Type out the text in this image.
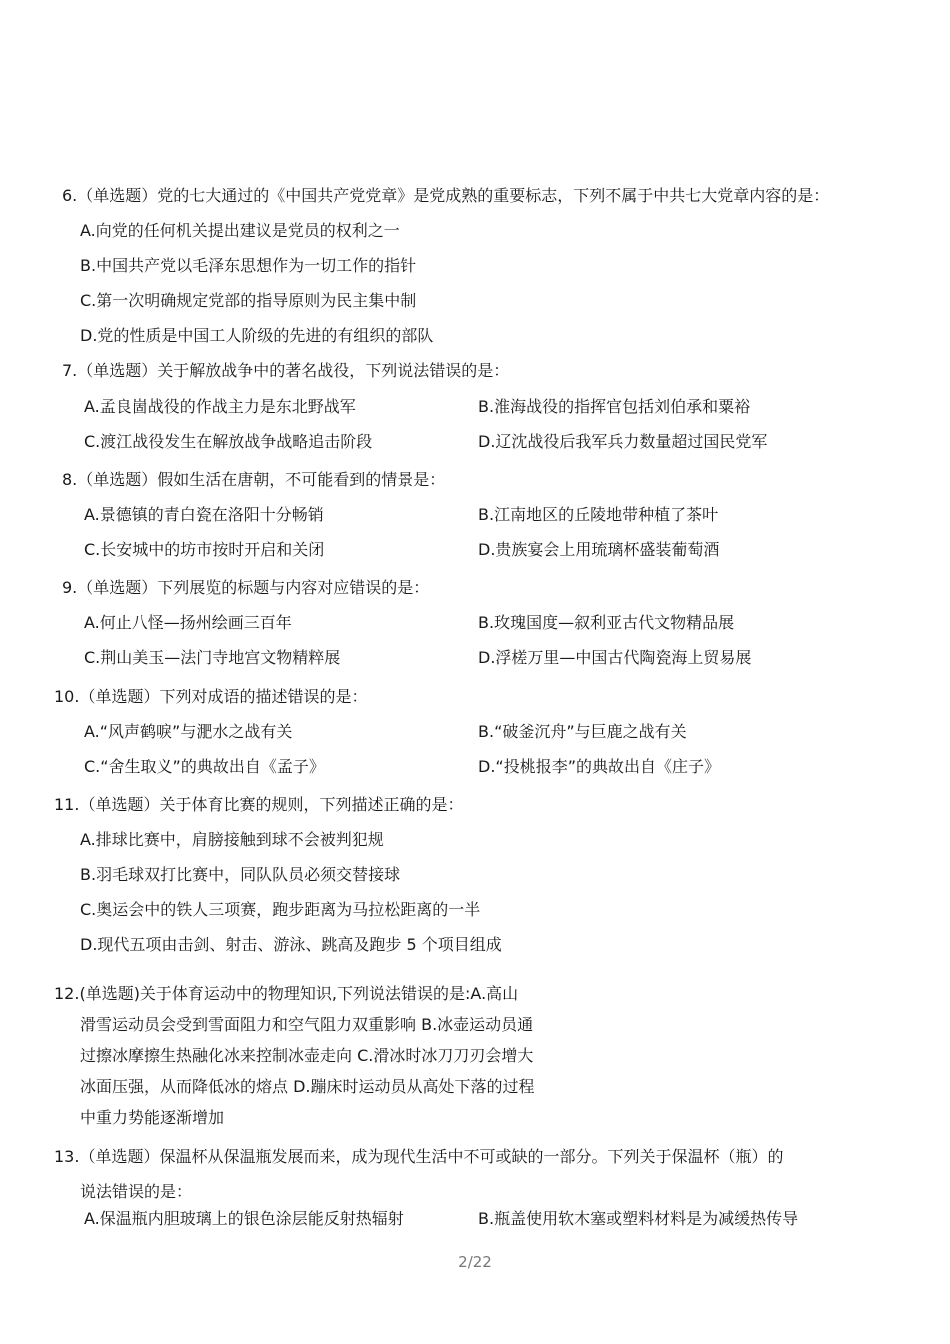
6.（单选题）党的七大通过的《中国共产党党章》是党成熟的重要标志，下列不属于中共七大党章内容的是：
A.向党的任何机关提出建议是党员的权利之一
B.中国共产党以毛泽东思想作为一切工作的指针
C.第一次明确规定党部的指导原则为民主集中制
D.党的性质是中国工人阶级的先进的有组织的部队
7.（单选题）关于解放战争中的著名战役，下列说法错误的是：
A.孟良崮战役的作战主力是东北野战军	B.淮海战役的指挥官包括刘伯承和粟裕
C.渡江战役发生在解放战争战略追击阶段	D.辽沈战役后我军兵力数量超过国民党军
8.（单选题）假如生活在唐朝，不可能看到的情景是：
A.景德镇的青白瓷在洛阳十分畅销	B.江南地区的丘陵地带种植了茶叶
C.长安城中的坊市按时开启和关闭	D.贵族宴会上用琉璃杯盛装葡萄酒
9.（单选题）下列展览的标题与内容对应错误的是：
A.何止八怪—扬州绘画三百年	B.玫瑰国度—叙利亚古代文物精品展
C.荆山美玉—法门寺地宫文物精粹展	D.浮槎万里—中国古代陶瓷海上贸易展
10.（单选题）下列对成语的描述错误的是：
A.“风声鹤唳”与淝水之战有关	B.“破釜沉舟”与巨鹿之战有关
C.“舍生取义”的典故出自《孟子》	D.“投桃报李”的典故出自《庄子》
11.（单选题）关于体育比赛的规则，下列描述正确的是：
A.排球比赛中，肩膀接触到球不会被判犯规
B.羽毛球双打比赛中，同队队员必须交替接球
C.奥运会中的铁人三项赛，跑步距离为马拉松距离的一半
D.现代五项由击剑、射击、游泳、跳高及跑步 5 个项目组成
12.(单选题)关于体育运动中的物理知识,下列说法错误的是:A.高山
滑雪运动员会受到雪面阻力和空气阻力双重影响 B.冰壶运动员通
过擦冰摩擦生热融化冰来控制冰壶走向 C.滑冰时冰刀刀刃会增大
冰面压强，从而降低冰的熔点 D.蹦床时运动员从高处下落的过程
中重力势能逐渐增加
13.（单选题）保温杯从保温瓶发展而来，成为现代生活中不可或缺的一部分。下列关于保温杯（瓶）的
说法错误的是：
A.保温瓶内胆玻璃上的银色涂层能反射热辐射	B.瓶盖使用软木塞或塑料材料是为减缓热传导
2/22
